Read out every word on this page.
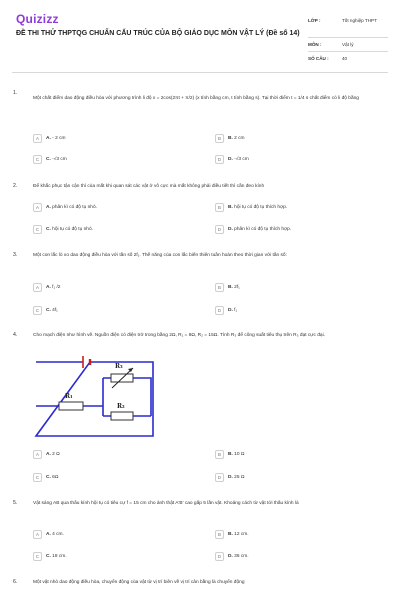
Quizizz
ĐỀ THI THỬ THPTQG CHUẨN CẤU TRÚC CỦA BỘ GIÁO DỤC MÔN VẬT LÝ (Đề số 14)
LỚP :	Tốt nghiệp THPT
MÔN :	Vật lý
SỐ CÂU :	40
1.
Một chất điểm dao động điều hòa với phương trình li độ x = 2cos(2πt + π/2) (x tính bằng cm, t tính bằng s). Tại thời điểm t = 1/4 s chất điểm có li độ bằng
A A. - 2 cm	B B. 2 cm
C C. -√3 cm	D D. -√3 cm
2.	Để khắc phục tận cận thì của mắt khi quan sát các vật ở vô cực mà mắt không phải điều tiết thì cần đeo kính
A A. phân kì có độ tụ nhỏ.	B B. hội tụ có độ tụ thích hợp.
C C. hội tụ có độ tụ nhỏ.	D D. phân kì có độ tụ thích hợp.
3.	Một con lắc lò xo dao động điều hòa với tần số 2f₁. Thế năng của con lắc biến thiên tuần hoàn theo thời gian với tần số:
A A. f₁ /2	B B. 2f₁
C C. 4f₁	D D. f₁
4.	Cho mạch điện như hình vẽ. Nguồn điện có điện trở trong bằng 2Ω, R₁ = 8Ω, R₂ = 15Ω. Tính R₃ để công suất tiêu thụ trên R₃ đạt cực đại.
R₁
R₃
R₂
A A. 2 Ω	B B. 10 Ω
C C. 6Ω	D D. 25 Ω
5.	Vật sáng AB qua thấu kính hội tụ có tiêu cự f = 15 cm cho ảnh thật A'B' cao gấp 5 lần vật. Khoảng cách từ vật tới thấu kính là
A A. 4 cm.	B B. 12 cm.
C C. 18 cm.	D D. 36 cm.
6.	Một vật nhỏ dao động điều hòa, chuyển động của vật từ vị trí biên về vị trí cân bằng là chuyển động
